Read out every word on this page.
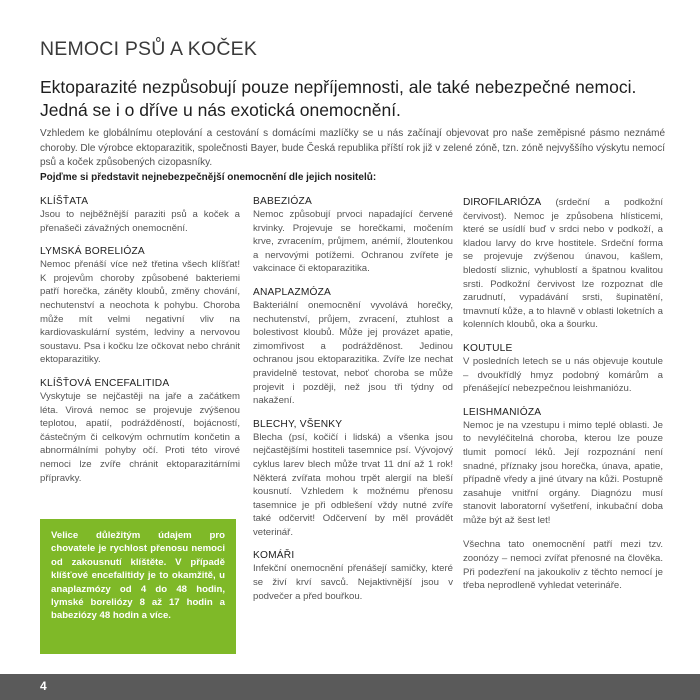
NEMOCI PSŮ A KOČEK
Ektoparazité nezpůsobují pouze nepříjemnosti, ale také nebezpečné nemoci. Jedná se i o dříve u nás exotická onemocnění.
Vzhledem ke globálnímu oteplování a cestování s domácími mazlíčky se u nás začínají objevovat pro naše zeměpisné pásmo neznámé choroby. Dle výrobce ektoparazitik, společnosti Bayer, bude Česká republika příští rok již v zelené zóně, tzn. zóně nejvyššího výskytu nemocí psů a koček způsobených cizopasníky.
Pojďme si představit nejnebezpečnější onemocnění dle jejich nositelů:
KLÍŠŤATA

Jsou to nejběžnější paraziti psů a koček a přenašeči závažných onemocnění.

LYMSKÁ BORELIÓZA

Nemoc přenáší více než třetina všech klíšťat! K projevům choroby způsobené bakteriemi patří horečka, záněty kloubů, změny chování, nechutenství a neochota k pohybu. Choroba může mít velmi negativní vliv na kardiovaskulární systém, ledviny a nervovou soustavu. Psa i kočku lze očkovat nebo chránit ektoparazitiky.

KLÍŠŤOVÁ ENCEFALITIDA

Vyskytuje se nejčastěji na jaře a začátkem léta. Virová nemoc se projevuje zvýšenou teplotou, apatií, podrážděností, bojácností, částečným či celkovým ochrnutím končetin a abnormálními pohyby očí. Proti této virové nemoci lze zvíře chránit ektoparazitárními přípravky.

Velice důležitým údajem pro chovatele je rychlost přenosu nemoci od zakousnutí klíštěte. V případě klíšťové encefalitidy je to okamžitě, u anaplazmózy od 4 do 48 hodin, lymské boreliózy 8 až 17 hodin a babeziózy 48 hodin a více.
BABEZIÓZA

Nemoc způsobují prvoci napadající červené krvinky. Projevuje se horečkami, močením krve, zvracením, průjmem, anémií, žloutenkou a nervovými potížemi. Ochranou zvířete je vakcinace či ektoparazitika.

ANAPLAZMÓZA

Bakteriální onemocnění vyvolává horečky, nechutenství, průjem, zvracení, ztuhlost a bolestivost kloubů. Může jej provázet apatie, zimomřivost a podrážděnost. Jedinou ochranou jsou ektoparazitika. Zvíře lze nechat pravidelně testovat, neboť choroba se může projevit i později, než jsou tři týdny od nakažení.

BLECHY, VŠENKY

Blecha (psí, kočičí i lidská) a všenka jsou nejčastějšími hostiteli tasemnice psí. Vývojový cyklus larev blech může trvat 11 dní až 1 rok! Některá zvířata mohou trpět alergií na bleší kousnutí. Vzhledem k možnému přenosu tasemnice je při odblešení vždy nutné zvíře také odčervit! Odčervení by měl provádět veterinář.

KOMÁŘI

Infekční onemocnění přenášejí samičky, které se živí krví savců. Nejaktivnější jsou v podvečer a před bouřkou.

DIROFILARIÓZA (srdeční a podkožní červivost). Nemoc je způsobena hlísticemi, které se usídlí buď v srdci nebo v podkoží, a kladou larvy do krve hostitele. Srdeční forma se projevuje zvýšenou únavou, kašlem, bledostí sliznic, vyhublostí a špatnou kvalitou srsti. Podkožní červivost lze rozpoznat dle zarudnutí, vypadávání srsti, šupinatění, tmavnutí kůže, a to hlavně v oblasti loketních a kolenních kloubů, oka a šourku.

KOUTULE

V posledních letech se u nás objevuje koutule – dvoukřídlý hmyz podobný komárům a přenášející nebezpečnou leishmaniózu.

LEISHMANIÓZA

Nemoc je na vzestupu i mimo teplé oblasti. Je to nevyléčitelná choroba, kterou lze pouze tlumit pomocí léků. Její rozpoznání není snadné, příznaky jsou horečka, únava, apatie, případně vředy a jiné útvary na kůži. Postupně zasahuje vnitřní orgány. Diagnózu musí stanovit laboratorní vyšetření, inkubační doba může být až šest let!

Všechna tato onemocnění patří mezi tzv. zoonózy – nemoci zvířat přenosné na člověka. Při podezření na jakoukoliv z těchto nemocí je třeba neprodleně vyhledat veterináře.

4
